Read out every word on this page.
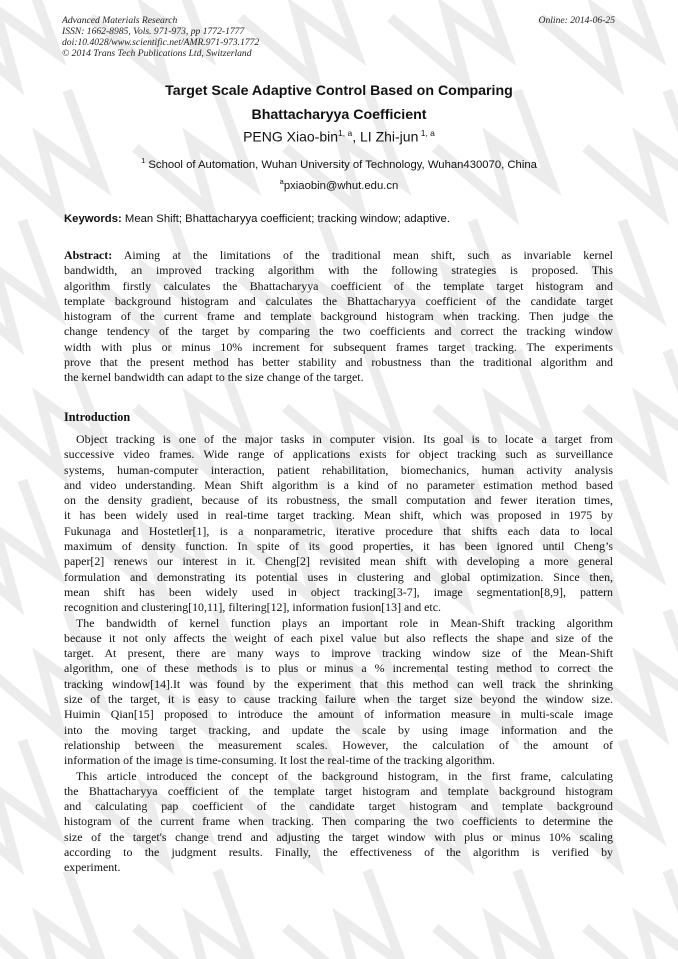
Advanced Materials Research
ISSN: 1662-8985, Vols. 971-973, pp 1772-1777
doi:10.4028/www.scientific.net/AMR.971-973.1772
© 2014 Trans Tech Publications Ltd, Switzerland
Online: 2014-06-25
Target Scale Adaptive Control Based on Comparing
Bhattacharyya Coefficient
PENG Xiao-bin$^{1, a}$, LI Zhi-jun $^{1, a}$
$^1$ School of Automation, Wuhan University of Technology, Wuhan430070, China
$^a$pxiaobin@whut.edu.cn
Keywords: Mean Shift; Bhattacharyya coefficient; tracking window; adaptive.
Abstract: Aiming at the limitations of the traditional mean shift, such as invariable kernel
bandwidth, an improved tracking algorithm with the following strategies is proposed. This
algorithm firstly calculates the Bhattacharyya coefficient of the template target histogram and
template background histogram and calculates the Bhattacharyya coefficient of the candidate target
histogram of the current frame and template background histogram when tracking. Then judge the
change tendency of the target by comparing the two coefficients and correct the tracking window
width with plus or minus 10% increment for subsequent frames target tracking. The experiments
prove that the present method has better stability and robustness than the traditional algorithm and
the kernel bandwidth can adapt to the size change of the target.
Introduction
Object tracking is one of the major tasks in computer vision. Its goal is to locate a target from
successive video frames. Wide range of applications exists for object tracking such as surveillance
systems, human-computer interaction, patient rehabilitation, biomechanics, human activity analysis
and video understanding. Mean Shift algorithm is a kind of no parameter estimation method based
on the density gradient, because of its robustness, the small computation and fewer iteration times,
it has been widely used in real-time target tracking. Mean shift, which was proposed in 1975 by
Fukunaga and Hostetler[1], is a nonparametric, iterative procedure that shifts each data to local
maximum of density function. In spite of its good properties, it has been ignored until Cheng’s
paper[2] renews our interest in it. Cheng[2] revisited mean shift with developing a more general
formulation and demonstrating its potential uses in clustering and global optimization. Since then,
mean shift has been widely used in object tracking[3-7], image segmentation[8,9], pattern
recognition and clustering[10,11], filtering[12], information fusion[13] and etc.
The bandwidth of kernel function plays an important role in Mean-Shift tracking algorithm
because it not only affects the weight of each pixel value but also reflects the shape and size of the
target. At present, there are many ways to improve tracking window size of the Mean-Shift
algorithm, one of these methods is to plus or minus a % incremental testing method to correct the
tracking window[14].It was found by the experiment that this method can well track the shrinking
size of the target, it is easy to cause tracking failure when the target size beyond the window size.
Huimin Qian[15] proposed to introduce the amount of information measure in multi-scale image
into the moving target tracking, and update the scale by using image information and the
relationship between the measurement scales. However, the calculation of the amount of
information of the image is time-consuming. It lost the real-time of the tracking algorithm.
This article introduced the concept of the background histogram, in the first frame, calculating
the Bhattacharyya coefficient of the template target histogram and template background histogram
and calculating pap coefficient of the candidate target histogram and template background
histogram of the current frame when tracking. Then comparing the two coefficients to determine the
size of the target's change trend and adjusting the target window with plus or minus 10% scaling
according to the judgment results. Finally, the effectiveness of the algorithm is verified by
experiment.
